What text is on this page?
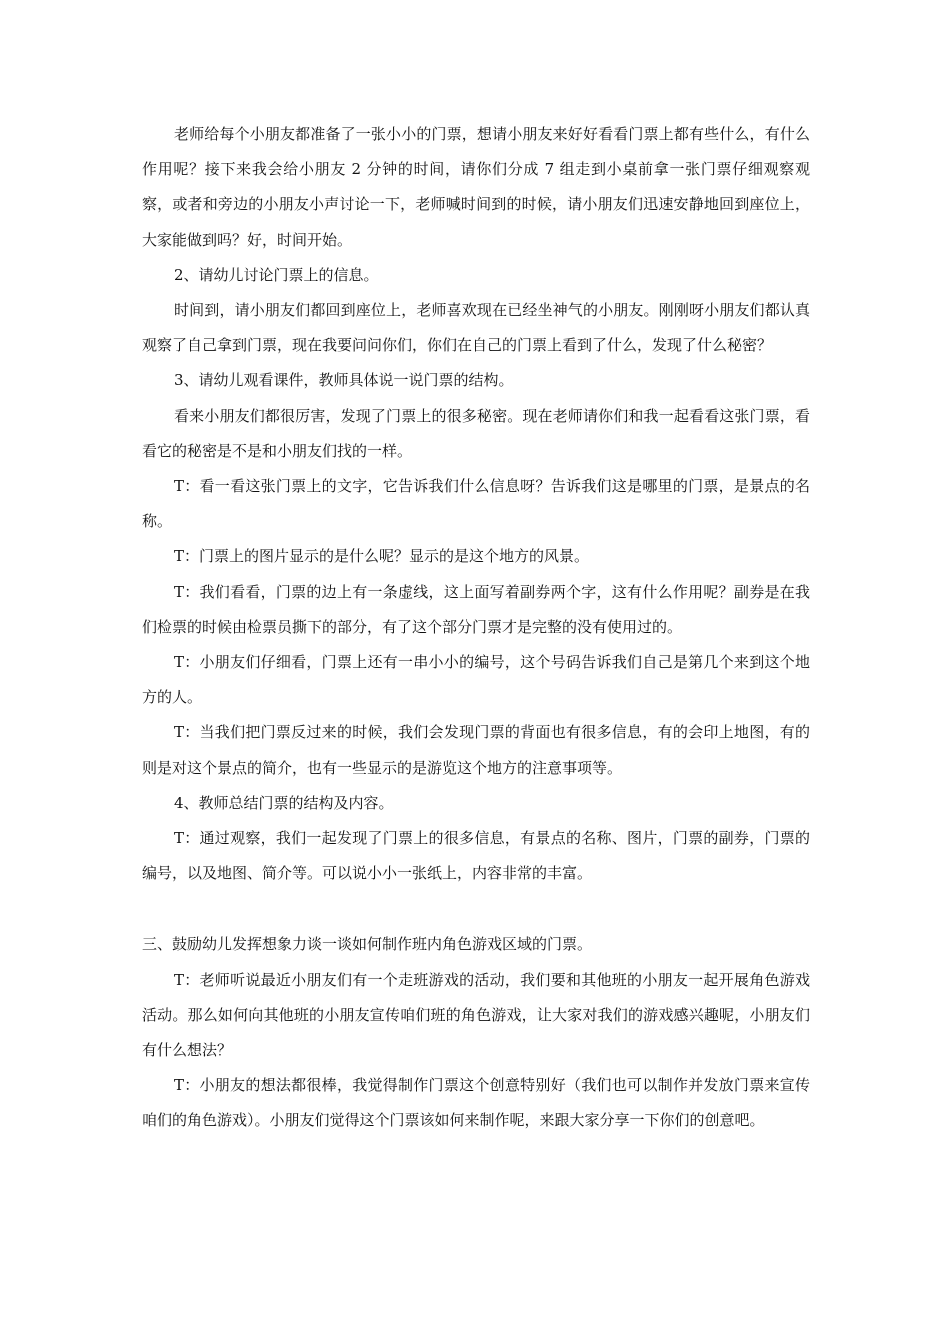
老师给每个小朋友都准备了一张小小的门票，想请小朋友来好好看看门票上都有些什么，有什么作用呢？接下来我会给小朋友 2 分钟的时间，请你们分成 7 组走到小桌前拿一张门票仔细观察观察，或者和旁边的小朋友小声讨论一下，老师喊时间到的时候，请小朋友们迅速安静地回到座位上，大家能做到吗？好，时间开始。

2、请幼儿讨论门票上的信息。

时间到，请小朋友们都回到座位上，老师喜欢现在已经坐神气的小朋友。刚刚呀小朋友们都认真观察了自己拿到门票，现在我要问问你们，你们在自己的门票上看到了什么，发现了什么秘密？

3、请幼儿观看课件，教师具体说一说门票的结构。

看来小朋友们都很厉害，发现了门票上的很多秘密。现在老师请你们和我一起看看这张门票，看看它的秘密是不是和小朋友们找的一样。

T：看一看这张门票上的文字，它告诉我们什么信息呀？告诉我们这是哪里的门票，是景点的名称。

T：门票上的图片显示的是什么呢？显示的是这个地方的风景。

T：我们看看，门票的边上有一条虚线，这上面写着副券两个字，这有什么作用呢？副券是在我们检票的时候由检票员撕下的部分，有了这个部分门票才是完整的没有使用过的。

T：小朋友们仔细看，门票上还有一串小小的编号，这个号码告诉我们自己是第几个来到这个地方的人。

T：当我们把门票反过来的时候，我们会发现门票的背面也有很多信息，有的会印上地图，有的则是对这个景点的简介，也有一些显示的是游览这个地方的注意事项等。

4、教师总结门票的结构及内容。

T：通过观察，我们一起发现了门票上的很多信息，有景点的名称、图片，门票的副券，门票的编号，以及地图、简介等。可以说小小一张纸上，内容非常的丰富。

三、鼓励幼儿发挥想象力谈一谈如何制作班内角色游戏区域的门票。

T：老师听说最近小朋友们有一个走班游戏的活动，我们要和其他班的小朋友一起开展角色游戏活动。那么如何向其他班的小朋友宣传咱们班的角色游戏，让大家对我们的游戏感兴趣呢，小朋友们有什么想法？

T：小朋友的想法都很棒，我觉得制作门票这个创意特别好（我们也可以制作并发放门票来宣传咱们的角色游戏）。小朋友们觉得这个门票该如何来制作呢，来跟大家分享一下你们的创意吧。
